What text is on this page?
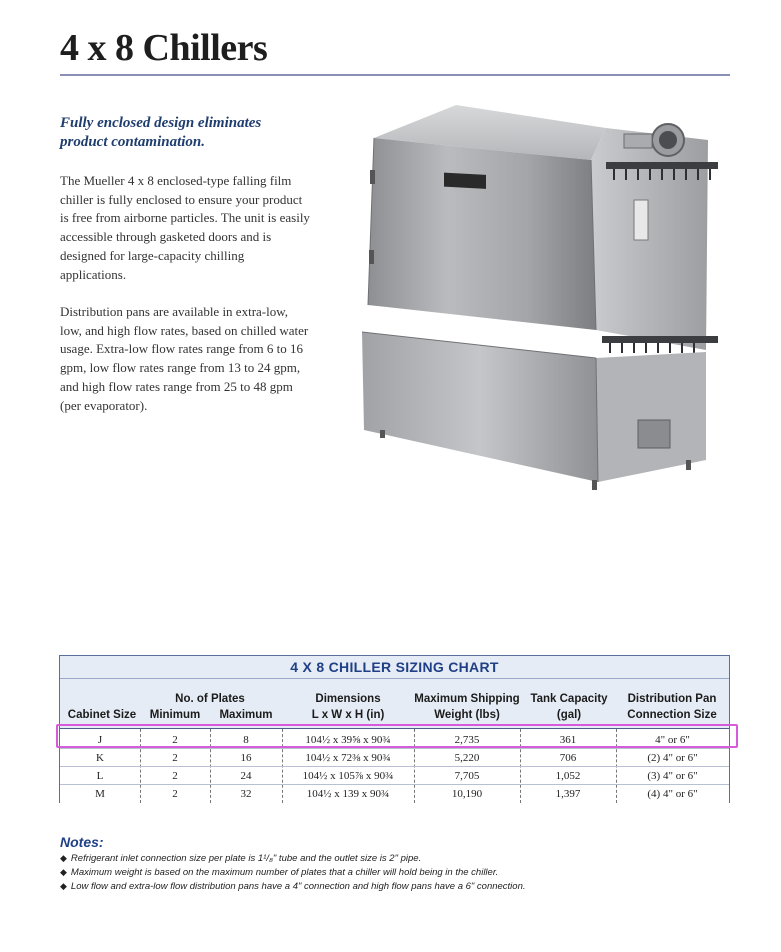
4 x 8 Chillers

Fully enclosed design eliminates product contamination.

The Mueller 4 x 8 enclosed-type falling film chiller is fully enclosed to ensure your product is free from airborne particles. The unit is easily accessible through gasketed doors and is designed for large-capacity chilling applications.

Distribution pans are available in extra-low, low, and high flow rates, based on chilled water usage. Extra-low flow rates range from 6 to 16 gpm, low flow rates range from 13 to 24 gpm, and high flow rates range from 25 to 48 gpm (per evaporator).

4 X 8 CHILLER SIZING CHART
Cabinet Size
No. of Plates
Minimum	Maximum
Dimensions
L x W x H (in)
Maximum Shipping
Weight (lbs)
Tank Capacity
(gal)
Distribution Pan
Connection Size
J	2	8	104½ x 39⅝ x 90¾	2,735	361	4" or 6"
K	2	16	104½ x 72⅜ x 90¾	5,220	706	(2) 4" or 6"
L	2	24	104½ x 105⅞ x 90¾	7,705	1,052	(3) 4" or 6"
M	2	32	104½ x 139 x 90¾	10,190	1,397	(4) 4" or 6"
Notes:
◆ Refrigerant inlet connection size per plate is 1¹/₈" tube and the outlet size is 2" pipe.
◆ Maximum weight is based on the maximum number of plates that a chiller will hold being in the chiller.
◆ Low flow and extra-low flow distribution pans have a 4" connection and high flow pans have a 6" connection.
